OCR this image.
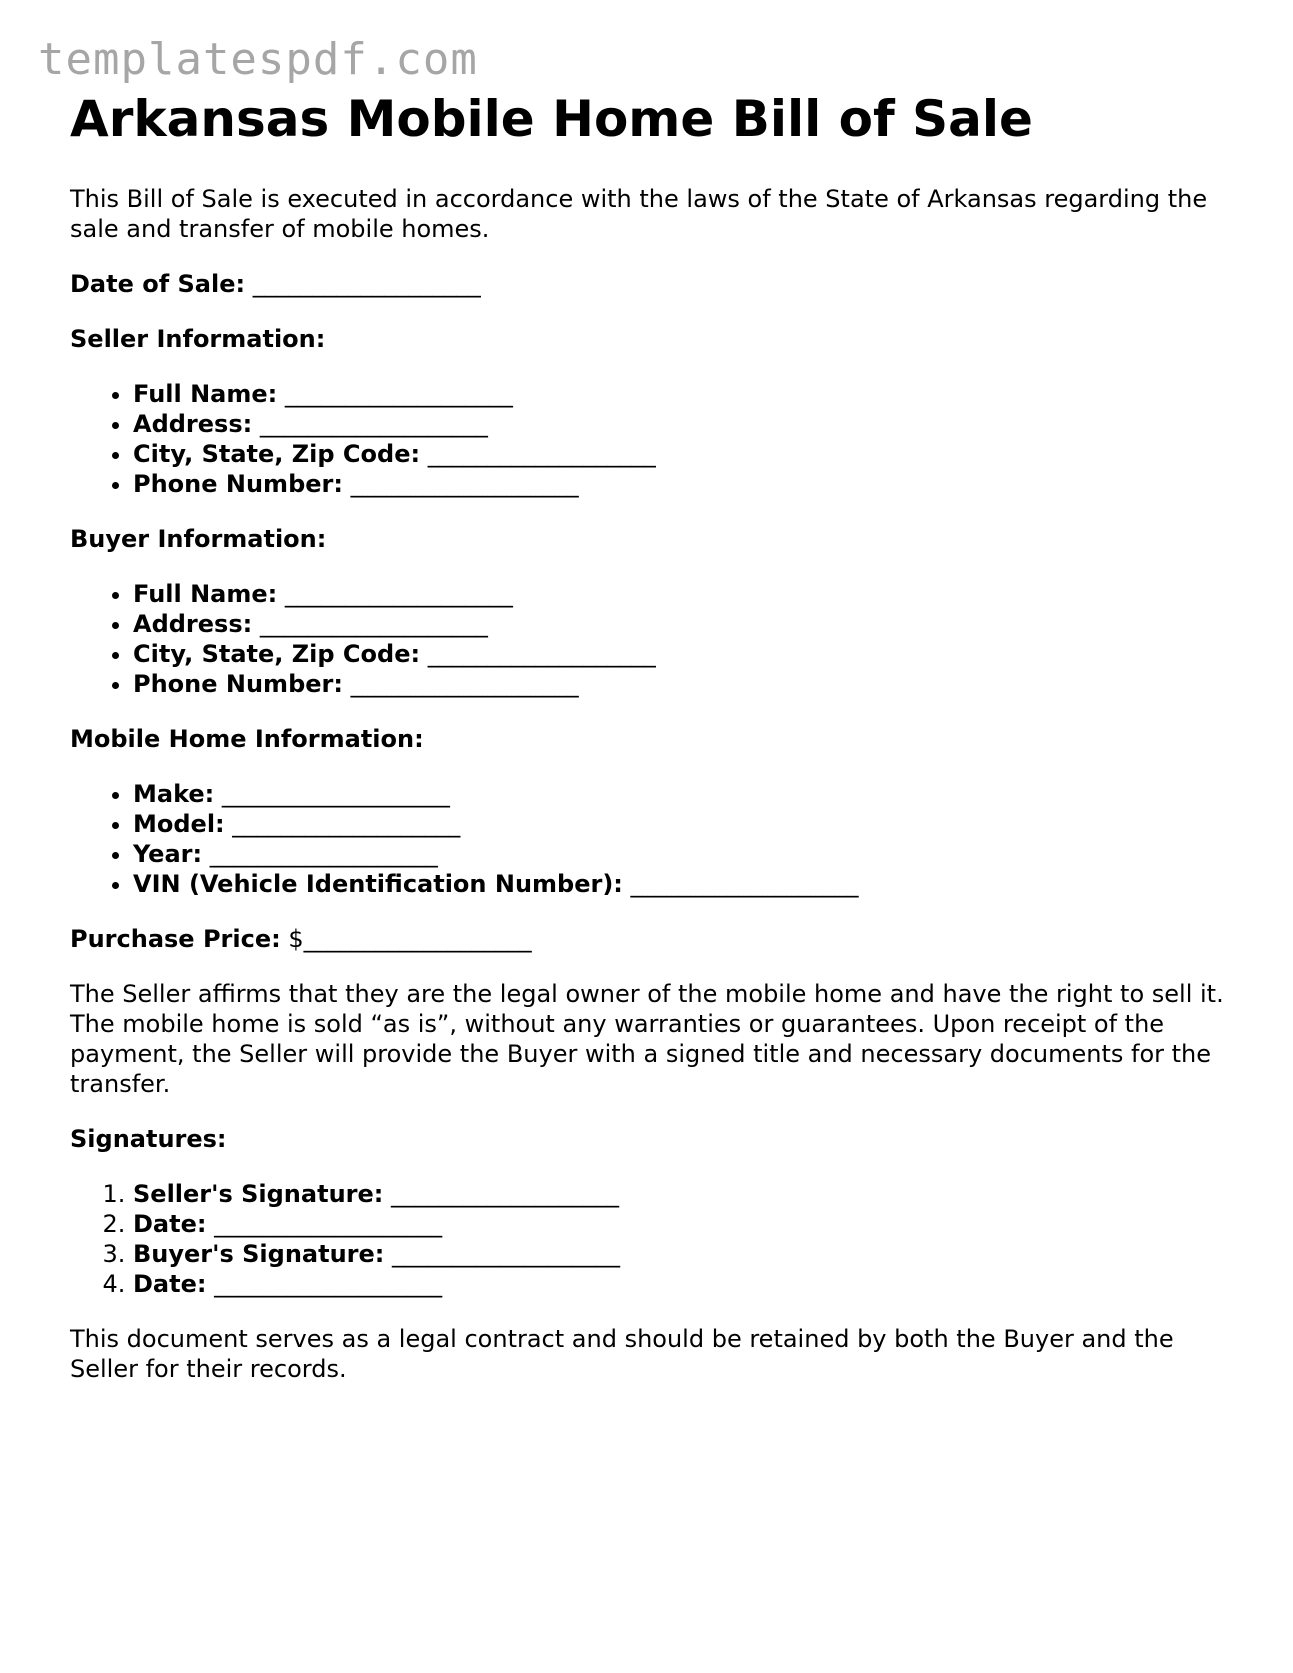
templatespdf.com
Arkansas Mobile Home Bill of Sale

This Bill of Sale is executed in accordance with the laws of the State of Arkansas regarding the sale and transfer of mobile homes.

Date of Sale: ___________________

Seller Information:

• Full Name: ___________________
• Address: ___________________
• City, State, Zip Code: ___________________
• Phone Number: ___________________

Buyer Information:

• Full Name: ___________________
• Address: ___________________
• City, State, Zip Code: ___________________
• Phone Number: ___________________

Mobile Home Information:

• Make: ___________________
• Model: ___________________
• Year: ___________________
• VIN (Vehicle Identification Number): ___________________

Purchase Price: $___________________

The Seller affirms that they are the legal owner of the mobile home and have the right to sell it. The mobile home is sold “as is”, without any warranties or guarantees. Upon receipt of the payment, the Seller will provide the Buyer with a signed title and necessary documents for the transfer.

Signatures:

1. Seller's Signature: ___________________
2. Date: ___________________
3. Buyer's Signature: ___________________
4. Date: ___________________

This document serves as a legal contract and should be retained by both the Buyer and the Seller for their records.
